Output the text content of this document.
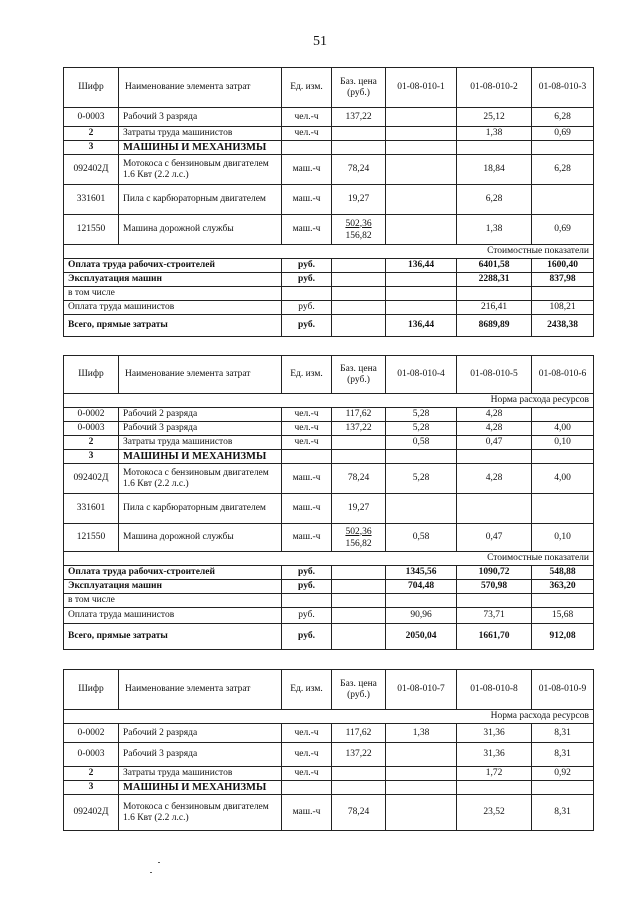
51
Шифр	Наименование элемента затрат	Ед. изм.	Баз. цена (руб.)	01-08-010-1	01-08-010-2	01-08-010-3
0-0003	Рабочий 3 разряда	чел.-ч	137,22		25,12	6,28
2	Затраты труда машинистов	чел.-ч			1,38	0,69
3	МАШИНЫ И МЕХАНИЗМЫ					
092402Д	Мотокоса с бензиновым двигателем 1.6 Квт (2.2 л.с.)	маш.-ч	78,24		18,84	6,28
331601	Пила с карбюраторным двигателем	маш.-ч	19,27		6,28	
121550	Машина дорожной службы	маш.-ч	$\frac{502,36}{156,82}$		1,38	0,69
Стоимостные показатели						
Оплата труда рабочих-строителей		руб.		136,44	6401,58	1600,40
Эксплуатация машин		руб.			2288,31	837,98
в том числе						
Оплата труда машинистов		руб.			216,41	108,21
Всего, прямые затраты		руб.		136,44	8689,89	2438,38
Шифр	Наименование элемента затрат	Ед. изм.	Баз. цена (руб.)	01-08-010-4	01-08-010-5	01-08-010-6
Норма расхода ресурсов						
0-0002	Рабочий 2 разряда	чел.-ч	117,62	5,28	4,28	
0-0003	Рабочий 3 разряда	чел.-ч	137,22	5,28	4,28	4,00
2	Затраты труда машинистов	чел.-ч		0,58	0,47	0,10
3	МАШИНЫ И МЕХАНИЗМЫ					
092402Д	Мотокоса с бензиновым двигателем 1.6 Квт (2.2 л.с.)	маш.-ч	78,24	5,28	4,28	4,00
331601	Пила с карбюраторным двигателем	маш.-ч	19,27			
121550	Машина дорожной службы	маш.-ч	$\frac{502,36}{156,82}$	0,58	0,47	0,10
Стоимостные показатели						
Оплата труда рабочих-строителей		руб.		1345,56	1090,72	548,88
Эксплуатация машин		руб.		704,48	570,98	363,20
в том числе						
Оплата труда машинистов		руб.		90,96	73,71	15,68
Всего, прямые затраты		руб.		2050,04	1661,70	912,08
Шифр	Наименование элемента затрат	Ед. изм.	Баз. цена (руб.)	01-08-010-7	01-08-010-8	01-08-010-9
Норма расхода ресурсов						
0-0002	Рабочий 2 разряда	чел.-ч	117,62	1,38	31,36	8,31
0-0003	Рабочий 3 разряда	чел.-ч	137,22		31,36	8,31
2	Затраты труда машинистов	чел.-ч			1,72	0,92
3	МАШИНЫ И МЕХАНИЗМЫ					
092402Д	Мотокоса с бензиновым двигателем 1.6 Квт (2.2 л.с.)	маш.-ч	78,24		23,52	8,31
